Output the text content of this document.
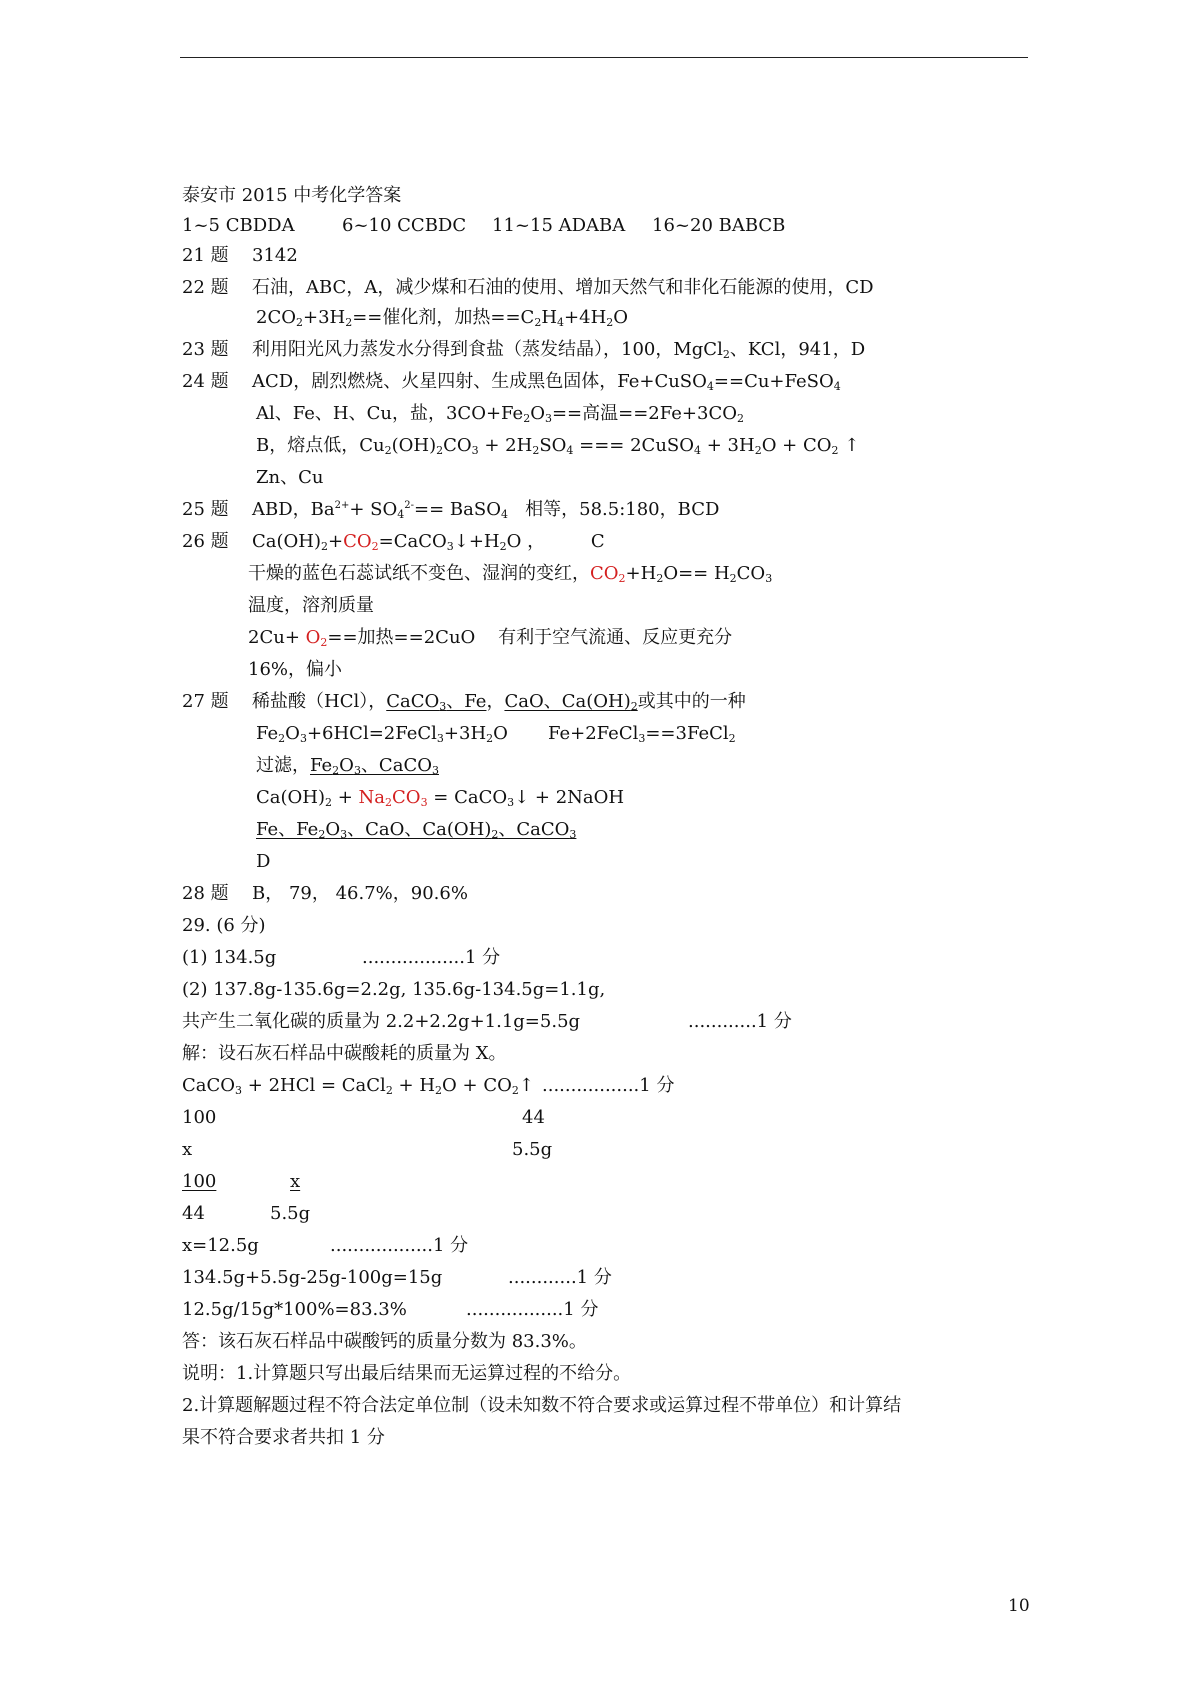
泰安市 2015 中考化学答案
1~5 CBDDA	6~10 CCBDC 11~15 ADABA 16~20 BABCB
21 题 3142
22 题 石油，ABC，A，减少煤和石油的使用、增加天然气和非化石能源的使用，CD
$2CO_2+3H_2==$催化剂，加热$==C_2H_4+4H_2O$
23 题 利用阳光风力蒸发水分得到食盐（蒸发结晶），100，MgCl$_2$、KCl，941，D
24 题 ACD，剧烈燃烧、火星四射、生成黑色固体，Fe+CuSO$_4$==Cu+FeSO$_4$
Al、Fe、H、Cu，盐，$3CO+Fe_2O_3==$高温$==2Fe+3CO_2$
B，熔点低，$Cu_2(OH)_2CO_3 + 2H_2SO_4$ === 2CuSO$_4$ + $3H_2O + CO_2$ ↑
Zn、Cu
25 题 ABD，$Ba^{2+}+ SO_4^{2-}==$ BaSO$_4$   相等，58.5:180，BCD
26 题 $Ca(OH)_2+CO_2=CaCO_3↓+H_2O$ ，        C
干燥的蓝色石蕊试纸不变色、湿润的变红，$CO_2+H_2O== H_2CO_3$
温度，溶剂质量
$2Cu+ O_2==$加热==2CuO    有利于空气流通、反应更充分
16%，偏小
27 题 稀盐酸（HCl），CaCO$_3$、Fe，CaO、$Ca(OH)_2$或其中的一种
$Fe_2O_3+6HCl=2FeCl_3+3H_2O$       Fe+2FeCl$_3$==3FeCl$_2$
过滤，$Fe_2O_3$、CaCO$_3$
$Ca(OH)_2 + Na_2CO_3$ = CaCO$_3$↓ + 2NaOH
Fe、$Fe_2O_3$、CaO、$Ca(OH)_2$、CaCO$_3$
D
28 题 B， 79， 46.7%，90.6%
29. (6 分)
(1) 134.5g	..................1 分
(2) 137.8g-135.6g=2.2g, 135.6g-134.5g=1.1g,
共产生二氧化碳的质量为 2.2+2.2g+1.1g=5.5g	............1 分
解：设石灰石样品中碳酸耗的质量为 X。
CaCO$_3$ + 2HCl = CaCl$_2$ + $H_2O$ + $CO_2↑$ .................1 分
100	44
x	5.5g
100	x
44	5.5g
x=12.5g	..................1 分
134.5g+5.5g-25g-100g=15g	............1 分
12.5g/15g*100%=83.3%	.................1 分
答：该石灰石样品中碳酸钙的质量分数为 83.3%。
说明：1.计算题只写出最后结果而无运算过程的不给分。
2.计算题解题过程不符合法定单位制（设未知数不符合要求或运算过程不带单位）和计算结
果不符合要求者共扣 1 分
10
